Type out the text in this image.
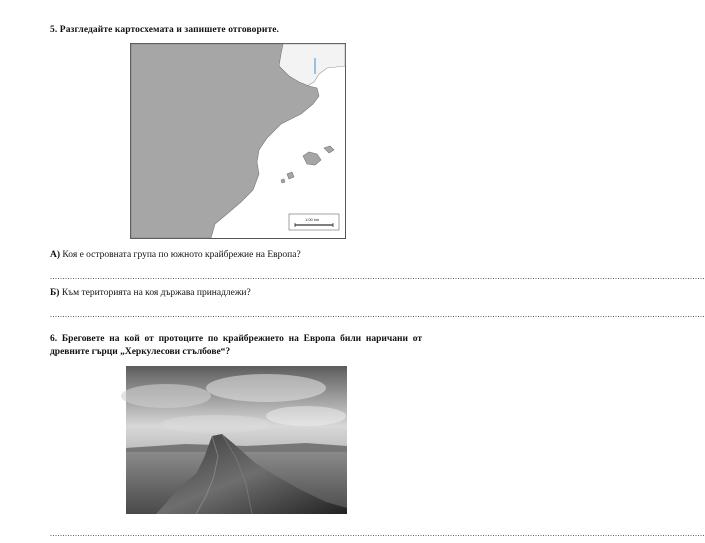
5. Разгледайте картосхемата и запишете отговорите.
1:00 km
А) Коя е островната група по южното крайбрежие на Европа?
......................................................................................................................................................................................................................................................................
Б) Към територията на коя държава принадлежи?
......................................................................................................................................................................................................................................................................
6. Бреговете на кой от протоците по крайбрежието на Европа били наричани от древните гърци „Херкулесови стълбове“?
......................................................................................................................................................................................................................................................................
